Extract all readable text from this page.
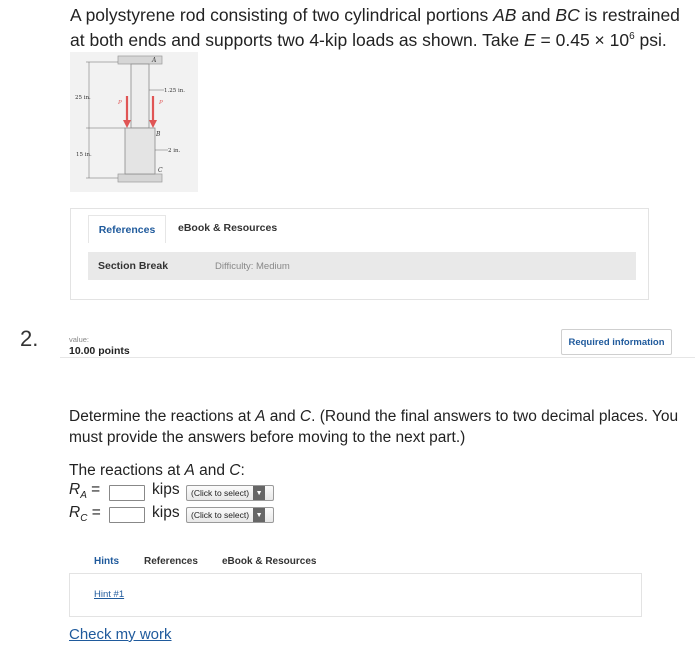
A polystyrene rod consisting of two cylindrical portions AB and BC is restrained at both ends and supports two 4-kip loads as shown. Take $E = 0.45 \times 10^6$ psi.
A
B
C
P	P
25 in.
15 in.
1.25 in.
2 in.
References eBook & Resources
Section Break	Difficulty: Medium
2.	value:
10.00 points
Required information
Determine the reactions at A and C. (Round the final answers to two decimal places. You must provide the answers before moving to the next part.)
The reactions at A and C:
$R_A$ =	kips (Click to select) ▼
$R_C$ =	kips (Click to select) ▼
Hints	References eBook & Resources
Hint #1
Check my work
